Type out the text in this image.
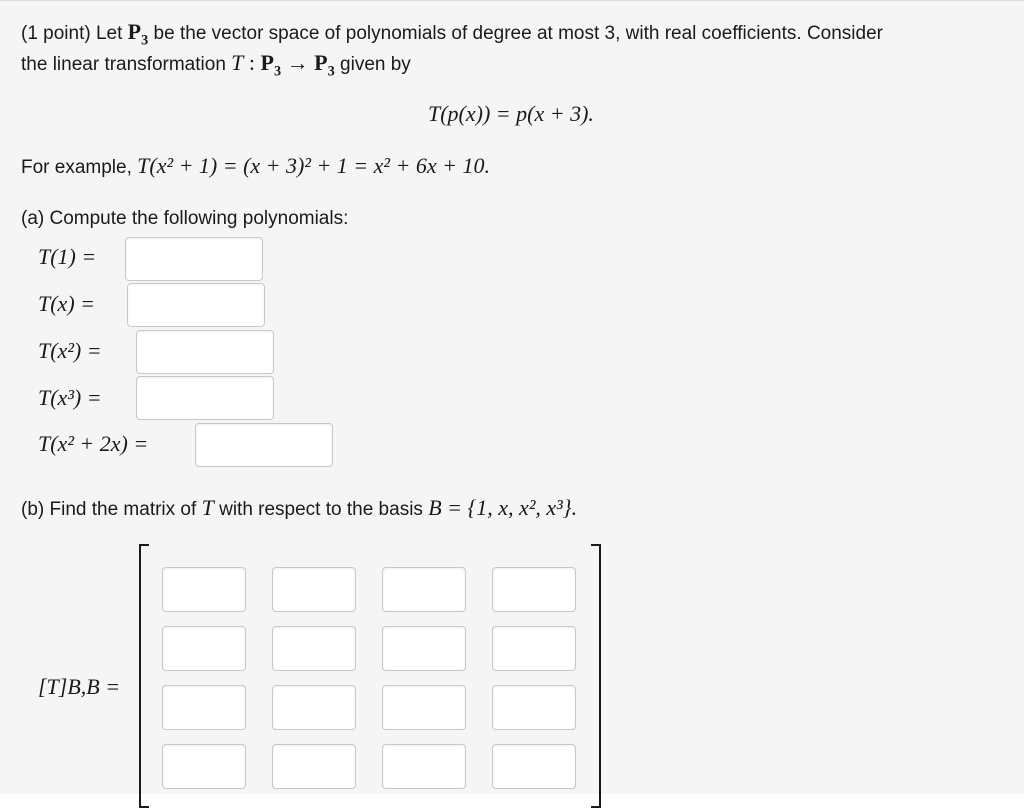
(1 point) Let $P_3$ be the vector space of polynomials of degree at most 3, with real coefficients. Consider
the linear transformation T : $P_3 \to P_3$ given by
T(p(x)) = p(x + 3).
For example, T(x² + 1) = (x + 3)² + 1 = x² + 6x + 10.
(a) Compute the following polynomials:
T(1) =
T(x) =
T(x²) =
T(x³) =
T(x² + 2x) =
(b) Find the matrix of T with respect to the basis B = {1, x, x², x³}.
[T]B,B =
